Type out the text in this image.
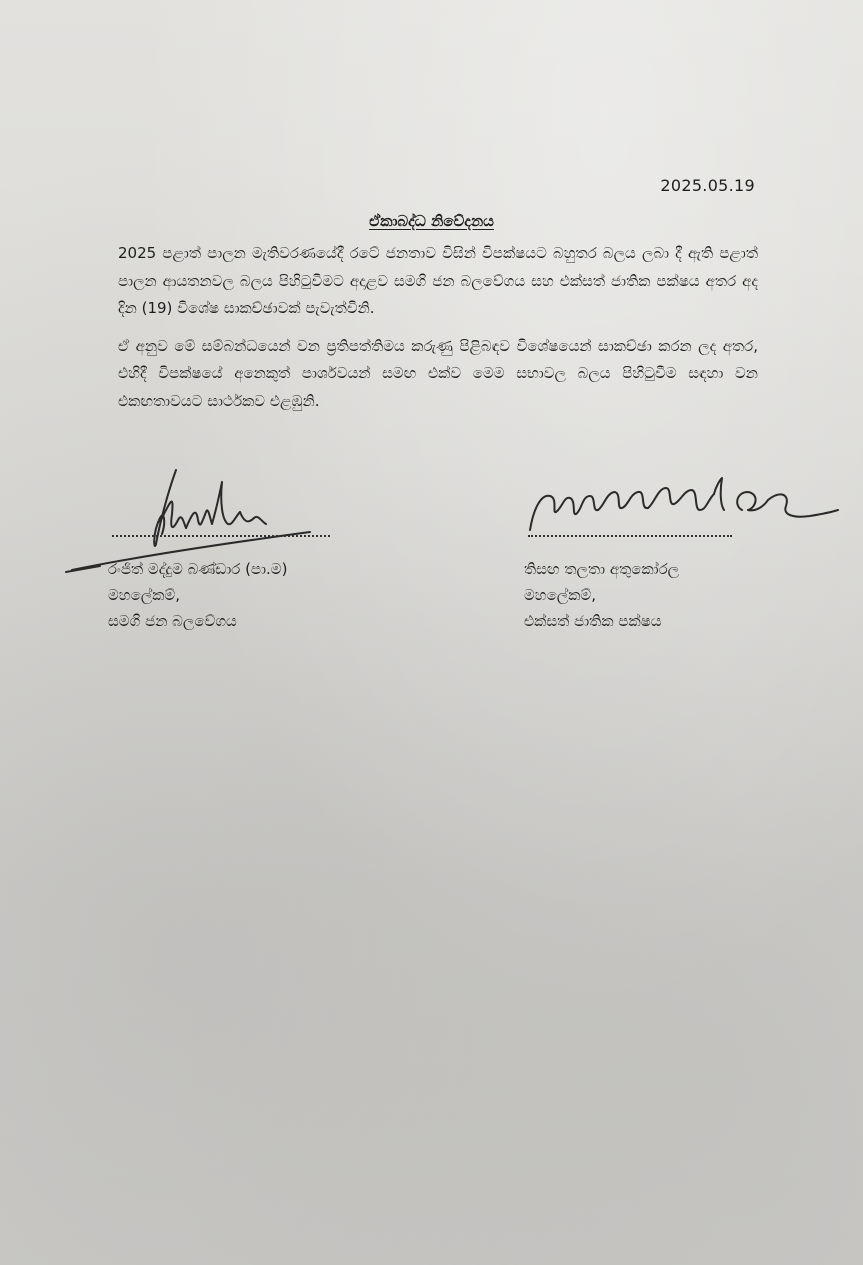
2025.05.19
ඒකාබද්ධ නිවේදනය

2025 පළාත් පාලන මැතිවරණයේදී රටේ ජනතාව විසින් විපක්ෂයට බහුතර බලය ලබා දී ඇති පළාත් පාලන ආයතනවල බලය පිහිටුවීමට අදාළව සමගි ජන බලවේගය සහ එක්සත් ජාතික පක්ෂය අතර අද දින (19) විශේෂ සාකච්ඡාවක් පැවැත්විනි.

ඒ අනුව මේ සම්බන්ධයෙන් වන ප්‍රතිපත්තිමය කරුණු පිළිබඳව විශේෂයෙන් සාකච්ඡා කරන ලද අතර, එහිදී විපක්ෂයේ අනෙකුත් පාර්ශවයන් සමඟ එක්ව මෙම සභාවල බලය පිහිටුවීම සඳහා වන එකඟතාවයට සාර්ථකව එළඹුනි.

රංජිත් මද්දුම බණ්ඩාර (පා.ම)
මහලේකම්,
සමගි ජන බලවේගය
තිසඟ තලතා අතුකෝරල
මහලේකම්,
එක්සත් ජාතික පක්ෂය
